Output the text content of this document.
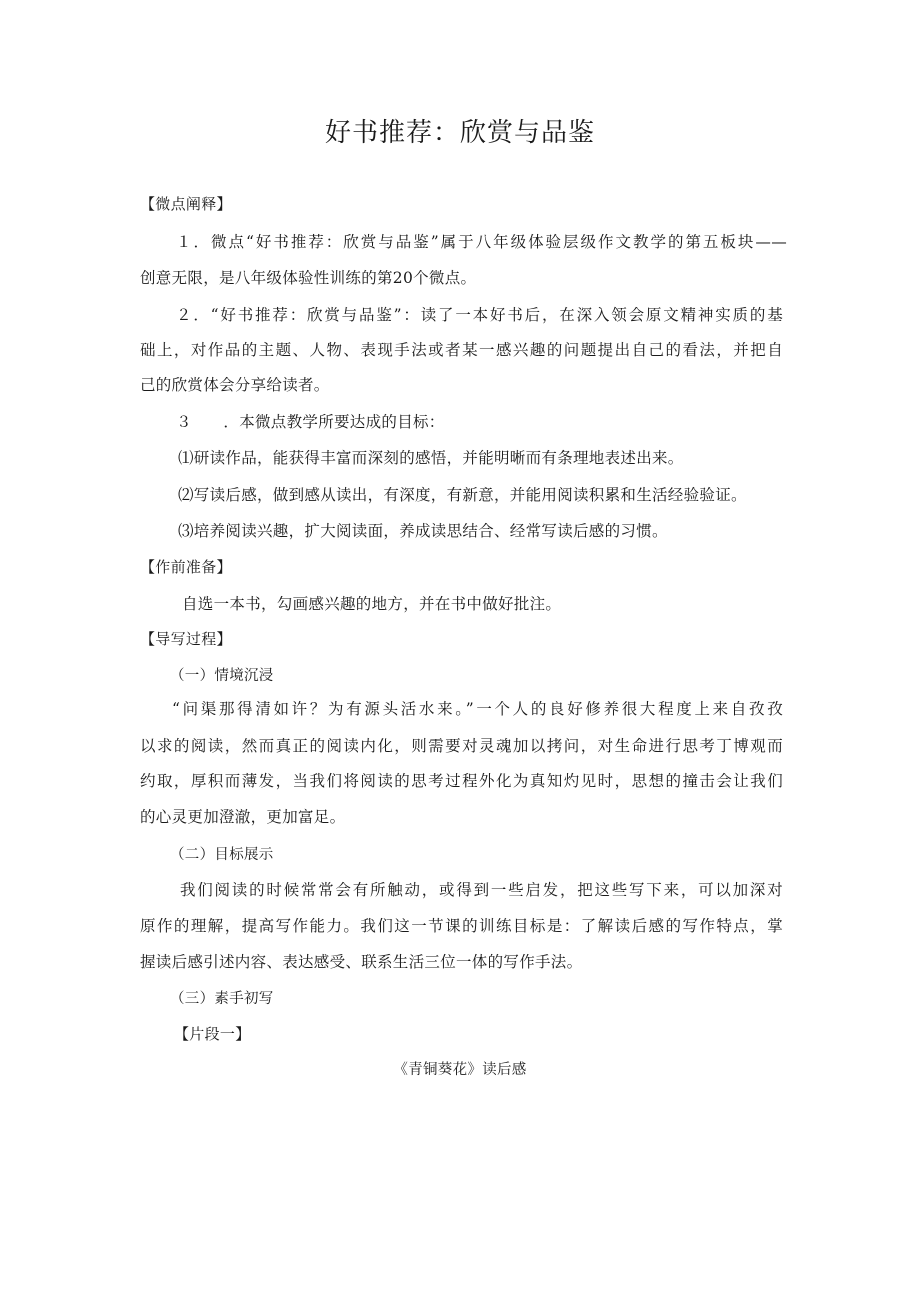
好书推荐：欣赏与品鉴
【微点阐释】
１．微点“好书推荐：欣赏与品鉴”属于八年级体验层级作文教学的第五板块——
创意无限，是八年级体验性训练的第20个微点。
２．“好书推荐：欣赏与品鉴”：读了一本好书后，在深入领会原文精神实质的基
础上，对作品的主题、人物、表现手法或者某一感兴趣的问题提出自己的看法，并把自
己的欣赏体会分享给读者。
３　　．本微点教学所要达成的目标：
⑴研读作品，能获得丰富而深刻的感悟，并能明晰而有条理地表述出来。
⑵写读后感，做到感从读出，有深度，有新意，并能用阅读积累和生活经验验证。
⑶培养阅读兴趣，扩大阅读面，养成读思结合、经常写读后感的习惯。
【作前准备】
自选一本书，勾画感兴趣的地方，并在书中做好批注。
【导写过程】
（一）情境沉浸
“问渠那得清如许？为有源头活水来。”一个人的良好修养很大程度上来自孜孜
以求的阅读，然而真正的阅读内化，则需要对灵魂加以拷问，对生命进行思考丁博观而
约取，厚积而薄发，当我们将阅读的思考过程外化为真知灼见时，思想的撞击会让我们
的心灵更加澄澈，更加富足。
（二）目标展示
我们阅读的时候常常会有所触动，或得到一些启发，把这些写下来，可以加深对
原作的理解，提高写作能力。我们这一节课的训练目标是：了解读后感的写作特点，掌
握读后感引述内容、表达感受、联系生活三位一体的写作手法。
（三）素手初写
【片段一】
《青铜葵花》读后感
